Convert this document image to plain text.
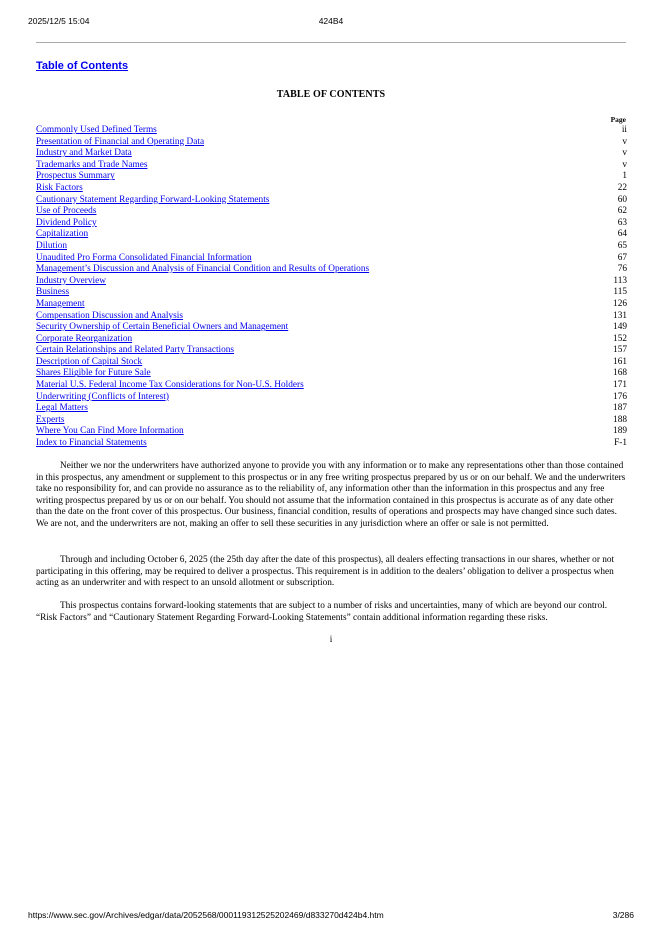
2025/12/5 15:04	424B4
Table of Contents
TABLE OF CONTENTS
Page
Commonly Used Defined Terms	ii
Presentation of Financial and Operating Data	v
Industry and Market Data	v
Trademarks and Trade Names	v
Prospectus Summary	1
Risk Factors	22
Cautionary Statement Regarding Forward-Looking Statements	60
Use of Proceeds	62
Dividend Policy	63
Capitalization	64
Dilution	65
Unaudited Pro Forma Consolidated Financial Information	67
Management’s Discussion and Analysis of Financial Condition and Results of Operations	76
Industry Overview	113
Business	115
Management	126
Compensation Discussion and Analysis	131
Security Ownership of Certain Beneficial Owners and Management	149
Corporate Reorganization	152
Certain Relationships and Related Party Transactions	157
Description of Capital Stock	161
Shares Eligible for Future Sale	168
Material U.S. Federal Income Tax Considerations for Non-U.S. Holders	171
Underwriting (Conflicts of Interest)	176
Legal Matters	187
Experts	188
Where You Can Find More Information	189
Index to Financial Statements	F-1

Neither we nor the underwriters have authorized anyone to provide you with any information or to make any representations other than those contained in this prospectus, any amendment or supplement to this prospectus or in any free writing prospectus prepared by us or on our behalf. We and the underwriters take no responsibility for, and can provide no assurance as to the reliability of, any information other than the information in this prospectus and any free writing prospectus prepared by us or on our behalf. You should not assume that the information contained in this prospectus is accurate as of any date other than the date on the front cover of this prospectus. Our business, financial condition, results of operations and prospects may have changed since such dates. We are not, and the underwriters are not, making an offer to sell these securities in any jurisdiction where an offer or sale is not permitted.

Through and including October 6, 2025 (the 25th day after the date of this prospectus), all dealers effecting transactions in our shares, whether or not participating in this offering, may be required to deliver a prospectus. This requirement is in addition to the dealers’ obligation to deliver a prospectus when acting as an underwriter and with respect to an unsold allotment or subscription.

This prospectus contains forward-looking statements that are subject to a number of risks and uncertainties, many of which are beyond our control. “Risk Factors” and “Cautionary Statement Regarding Forward-Looking Statements” contain additional information regarding these risks.

i
https://www.sec.gov/Archives/edgar/data/2052568/000119312525202469/d833270d424b4.htm	3/286
